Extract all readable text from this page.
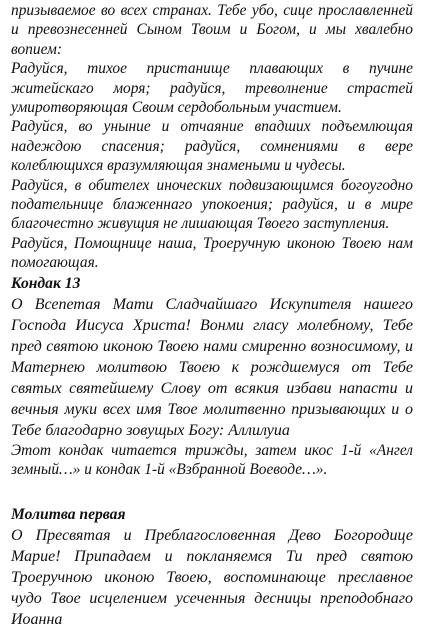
призываемое во всех странах. Тебе убо, сице прославленней и превознесенней Сыном Твоим и Богом, и мы хвалебно вопием:

Радуйся, тихое пристанище плавающих в пучине житейскаго моря; радуйся, треволнение страстей умиротворяющая Своим сердобольным участием.

Радуйся, во уныние и отчаяние впадших подъемлющая надеждою спасения; радуйся, сомнениями в вере колеблющихся вразумляющая знамеными и чудесы.

Радуйся, в обителех иноческих подвизающимся богоугодно подательнице блаженнаго упокоения; радуйся, и в мире благочестно живущия не лишающая Твоего заступления.

Радуйся, Помощнице наша, Троеручную иконою Твоею нам помогающая.

Кондак 13

О Всепетая Мати Сладчайшаго Искупителя нашего Господа Иисуса Христа! Вонми гласу молебному, Тебе пред святою иконою Твоею нами смиренно возносимому, и Матернею молитвою Твоею к рождшемуся от Тебе святых святейшему Слову от всякия избави напасти и вечныя муки всех имя Твое молитвенно призывающих и о Тебе благодарно зовущых Богу: Аллилуиа

Этот кондак читается трижды, затем икос 1-й «Ангел земный…» и кондак 1-й «Взбранной Воеводе…».

Молитва первая

О Пресвятая и Преблагословенная Дево Богородице Марие! Припадаем и покланяемся Ти пред святою Троеручною иконою Твоею, воспоминающе преславное чудо Твое исцелением усеченныя десницы преподобнаго Иоанна
